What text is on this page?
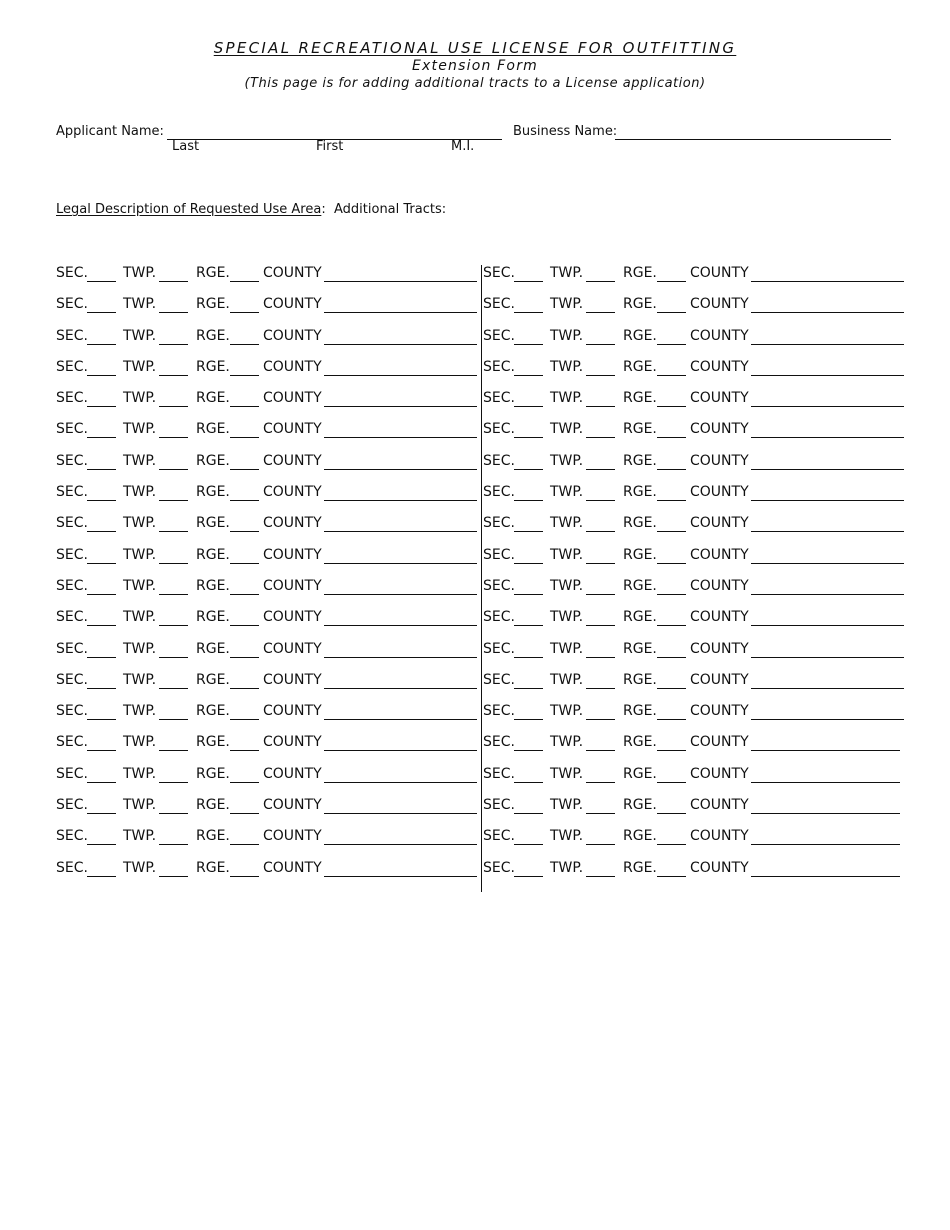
SPECIAL RECREATIONAL USE LICENSE FOR OUTFITTING
Extension Form
(This page is for adding additional tracts to a License application)
Applicant Name:
Last	First	M.I.
Business Name:
Legal Description of Requested Use Area: Additional Tracts:
SEC.	TWP.	RGE. COUNTY
SEC.	TWP.	RGE. COUNTY
SEC.	TWP.	RGE. COUNTY
SEC.	TWP.	RGE. COUNTY
SEC.	TWP.	RGE. COUNTY
SEC.	TWP.	RGE. COUNTY
SEC.	TWP.	RGE. COUNTY
SEC.	TWP.	RGE. COUNTY
SEC.	TWP.	RGE. COUNTY
SEC.	TWP.	RGE. COUNTY
SEC.	TWP.	RGE. COUNTY
SEC.	TWP.	RGE. COUNTY
SEC.	TWP.	RGE. COUNTY
SEC.	TWP.	RGE. COUNTY
SEC.	TWP.	RGE. COUNTY
SEC.	TWP.	RGE. COUNTY
SEC.	TWP.	RGE. COUNTY
SEC.	TWP.	RGE. COUNTY
SEC.	TWP.	RGE. COUNTY
SEC.	TWP.	RGE. COUNTY
SEC.	TWP.	RGE. COUNTY
SEC.	TWP.	RGE. COUNTY
SEC.	TWP.	RGE. COUNTY
SEC.	TWP.	RGE. COUNTY
SEC.	TWP.	RGE. COUNTY
SEC.	TWP.	RGE. COUNTY
SEC.	TWP.	RGE. COUNTY
SEC.	TWP.	RGE. COUNTY
SEC.	TWP.	RGE. COUNTY
SEC.	TWP.	RGE. COUNTY
SEC.	TWP.	RGE. COUNTY
SEC.	TWP.	RGE. COUNTY
SEC.	TWP.	RGE. COUNTY
SEC.	TWP.	RGE. COUNTY
SEC.	TWP.	RGE. COUNTY
SEC.	TWP.	RGE. COUNTY
SEC.	TWP.	RGE. COUNTY
SEC.	TWP.	RGE. COUNTY
SEC.	TWP.	RGE. COUNTY
SEC.	TWP.	RGE. COUNTY
